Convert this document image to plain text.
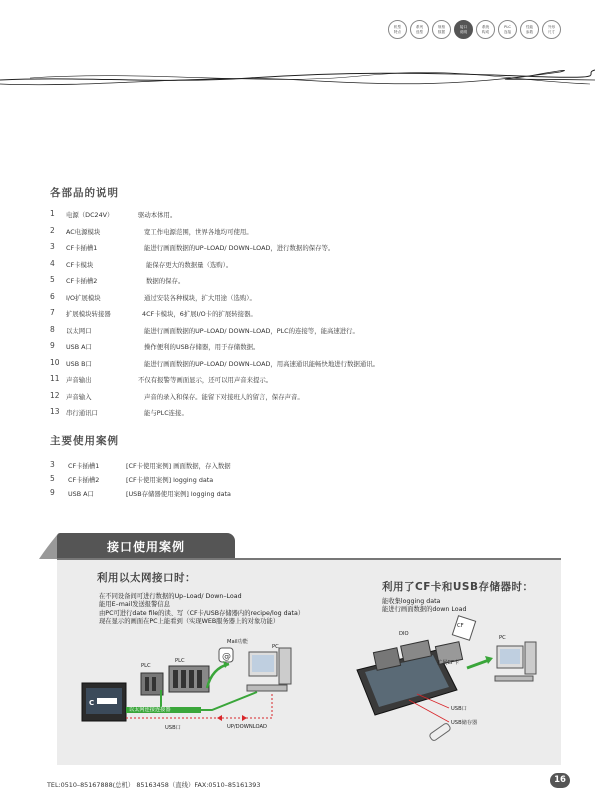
机型
特点
系列
选型
规格
数据
接口
说明
系统
构成
PLC
连接
性能
参数
外形
尺寸
各部品的说明
1 电源（DC24V）	驱动本体用。
2 AC电源模块	宽工作电源范围，世界各地均可使用。
3 CF卡插槽1	能进行画面数据的UP–LOAD/ DOWN–LOAD，进行数据的保存等。
4 CF卡模块	能保存更大的数据量（选购）。
5 CF卡插槽2	数据的保存。
6 I/O扩展模块	通过安装各种模块，扩大用途（选购）。
7 扩展模块转接器	4CF卡模块，6扩展I/O卡的扩展转接器。
8 以太网口	能进行画面数据的UP–LOAD/ DOWN–LOAD，PLC的连接等，能高速进行。
9 USB A口	操作便利的USB存储器，用于存储数据。
10 USB B口	能进行画面数据的UP–LOAD/ DOWN–LOAD，用高速通讯能畅快地进行数据通讯。
11 声音输出	不仅有报警等画面显示，还可以用声音来提示。
12 声音输入	声音的录入和保存。能留下对接班人的留言，保存声音。
13 串行通讯口	能与PLC连接。
主要使用案例
3 CF卡插槽1	[CF卡使用案例] 画面数据，存入数据
5 CF卡插槽2	[CF卡使用案例] logging data
9 USB A口	[USB存储器使用案例] logging data
接口使用案例
利用以太网接口时：
在不同设备间可进行数据的Up–Load/ Down–Load
能用E–mail发送报警信息
由PC可进行date file的读、写（CF卡/USB存储器内的recipe/log data）
现在显示的画面在PC上能看到（实现WEB服务器上的对象功能）
利用了CF卡和USB存储器时：
能收集logging data
能进行画面数据的down Load
C
@
Mail功能
PC
PLC
PLC
以太网连接连接器
USB口	UP/DOWNLOAD
DIO
CF
扩展CF卡
PC
USB口
USB储存器
TEL:0510–85167888(总机） 85163458（直线）FAX:0510–85161393	16
